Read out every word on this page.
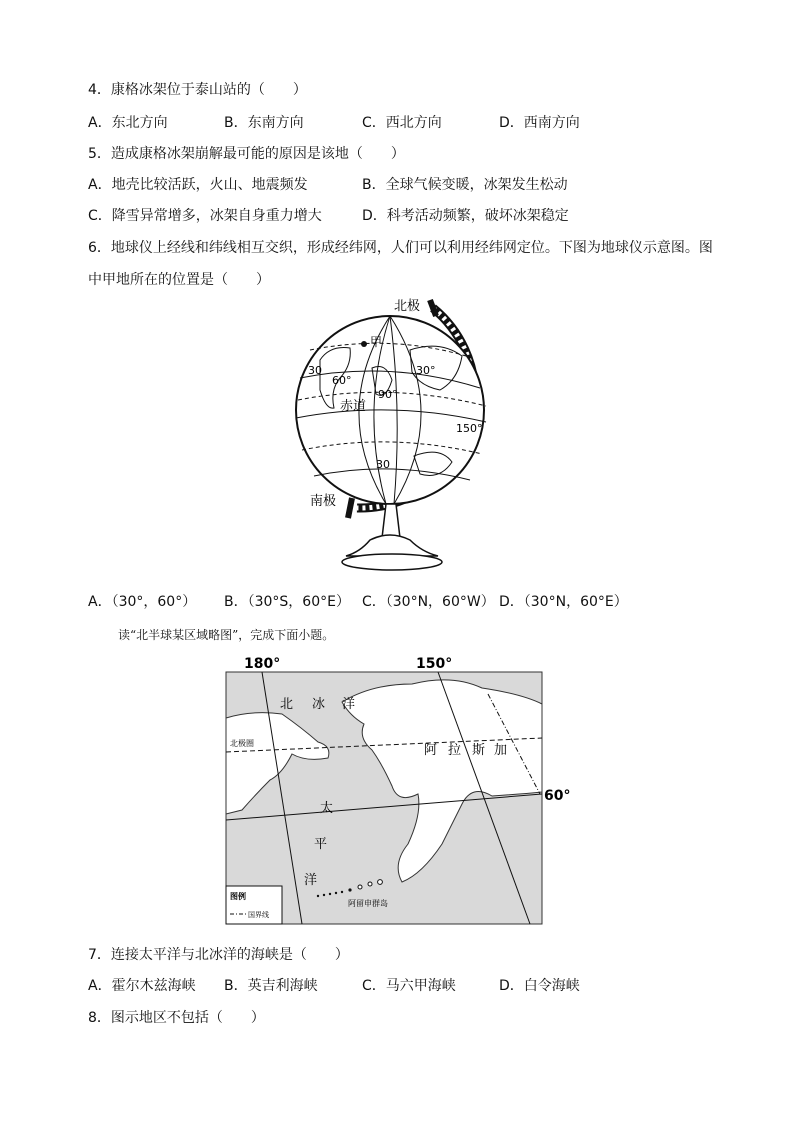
4．康格冰架位于泰山站的（　　）
A．东北方向	B．东南方向	C．西北方向	D．西南方向
5．造成康格冰架崩解最可能的原因是该地（　　）
A．地壳比较活跃，火山、地震频发	B．全球气候变暖，冰架发生松动
C．降雪异常增多，冰架自身重力增大	D．科考活动频繁，破坏冰架稳定
6．地球仪上经线和纬线相互交织，形成经纬网，人们可以利用经纬网定位。下图为地球仪示意图。图
中甲地所在的位置是（　　）
北极
南极
甲
赤道
30	30°
60°
90°
150°
30
A．（30°，60°） B．（30°S，60°E） C．（30°N，60°W） D．（30°N，60°E）
读“北半球某区域略图”，完成下面小题。
图例
国界线
180°	150°
60°
北极圈
北 冰 洋
阿 拉 斯 加
太
平
洋
阿留申群岛
7．连接太平洋与北冰洋的海峡是（　　）
A．霍尔木兹海峡 B．英吉利海峡	C．马六甲海峡	D．白令海峡
8．图示地区不包括（　　）
